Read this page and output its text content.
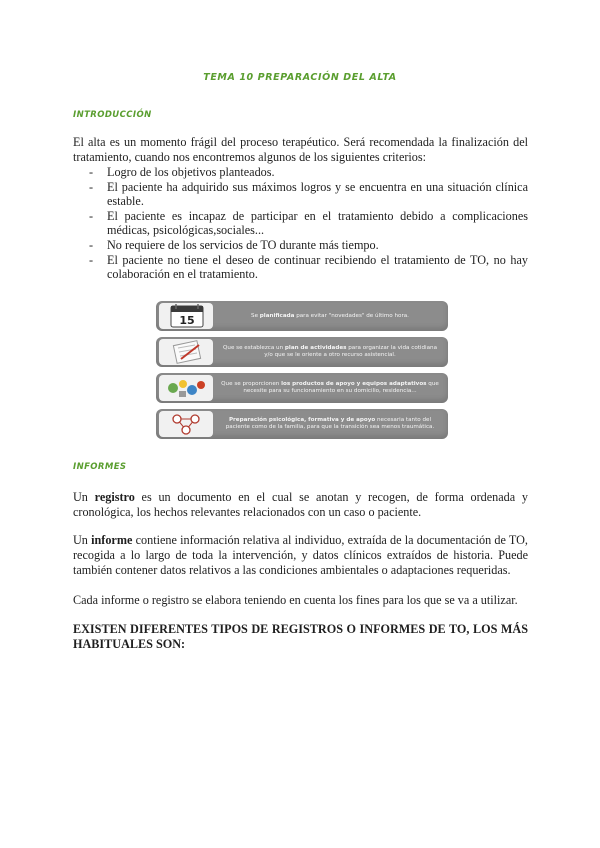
TEMA 10 PREPARACIÓN DEL ALTA
INTRODUCCIÓN

El alta es un momento frágil del proceso terapéutico. Será recomendada la finalización del tratamiento, cuando nos encontremos algunos de los siguientes criterios:

- Logro de los objetivos planteados.
- El paciente ha adquirido sus máximos logros y se encuentra en una situación clínica estable.
- El paciente es incapaz de participar en el tratamiento debido a complicaciones médicas, psicológicas,sociales...
- No requiere de los servicios de TO durante más tiempo.
- El paciente no tiene el deseo de continuar recibiendo el tratamiento de TO, no hay colaboración en el tratamiento.
15	Se planificada para evitar "novedades" de último hora.
Que se establezca un plan de actividades para organizar la vida cotidiana y/o que se le oriente a otro recurso asistencial.
Que se proporcionen los productos de apoyo y equipos adaptativos que necesite para su funcionamiento en su domicilio, residencia...
Preparación psicológica, formativa y de apoyo necesaria tanto del paciente como de la familia, para que la transición sea menos traumática.
INFORMES

Un registro es un documento en el cual se anotan y recogen, de forma ordenada y cronológica, los hechos relevantes relacionados con un caso o paciente.

Un informe contiene información relativa al individuo, extraída de la documentación de TO, recogida a lo largo de toda la intervención, y datos clínicos extraídos de historia. Puede también contener datos relativos a las condiciones ambientales o adaptaciones requeridas.

Cada informe o registro se elabora teniendo en cuenta los fines para los que se va a utilizar.

EXISTEN DIFERENTES TIPOS DE REGISTROS O INFORMES DE TO, LOS MÁS HABITUALES SON:
